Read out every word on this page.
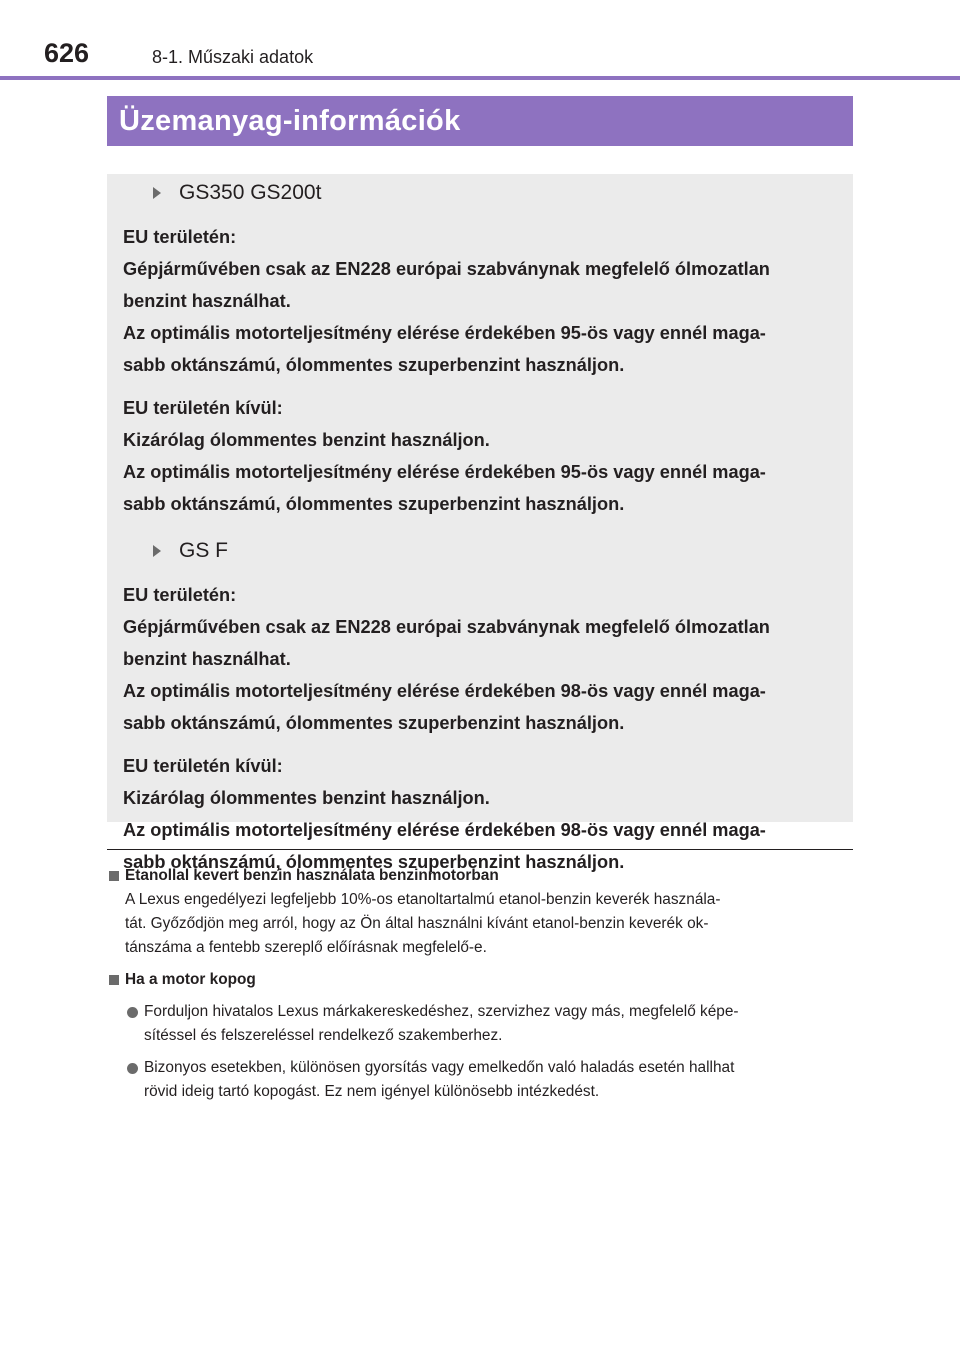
626	8-1. Műszaki adatok
Üzemanyag-információk
GS350 GS200t
EU területén:
Gépjárművében csak az EN228 európai szabványnak megfelelő ólmozatlan
benzint használhat.
Az optimális motorteljesítmény elérése érdekében 95-ös vagy ennél maga-
sabb oktánszámú, ólommentes szuperbenzint használjon.
EU területén kívül:
Kizárólag ólommentes benzint használjon.
Az optimális motorteljesítmény elérése érdekében 95-ös vagy ennél maga-
sabb oktánszámú, ólommentes szuperbenzint használjon.
GS F
EU területén:
Gépjárművében csak az EN228 európai szabványnak megfelelő ólmozatlan
benzint használhat.
Az optimális motorteljesítmény elérése érdekében 98-ös vagy ennél maga-
sabb oktánszámú, ólommentes szuperbenzint használjon.
EU területén kívül:
Kizárólag ólommentes benzint használjon.
Az optimális motorteljesítmény elérése érdekében 98-ös vagy ennél maga-
sabb oktánszámú, ólommentes szuperbenzint használjon.
Etanollal kevert benzin használata benzinmotorban
A Lexus engedélyezi legfeljebb 10%-os etanoltartalmú etanol-benzin keverék használa-
tát. Győződjön meg arról, hogy az Ön által használni kívánt etanol-benzin keverék ok-
tánszáma a fentebb szereplő előírásnak megfelelő-e.
Ha a motor kopog
Forduljon hivatalos Lexus márkakereskedéshez, szervizhez vagy más, megfelelő képe-
sítéssel és felszereléssel rendelkező szakemberhez.
Bizonyos esetekben, különösen gyorsítás vagy emelkedőn való haladás esetén hallhat
rövid ideig tartó kopogást. Ez nem igényel különösebb intézkedést.
